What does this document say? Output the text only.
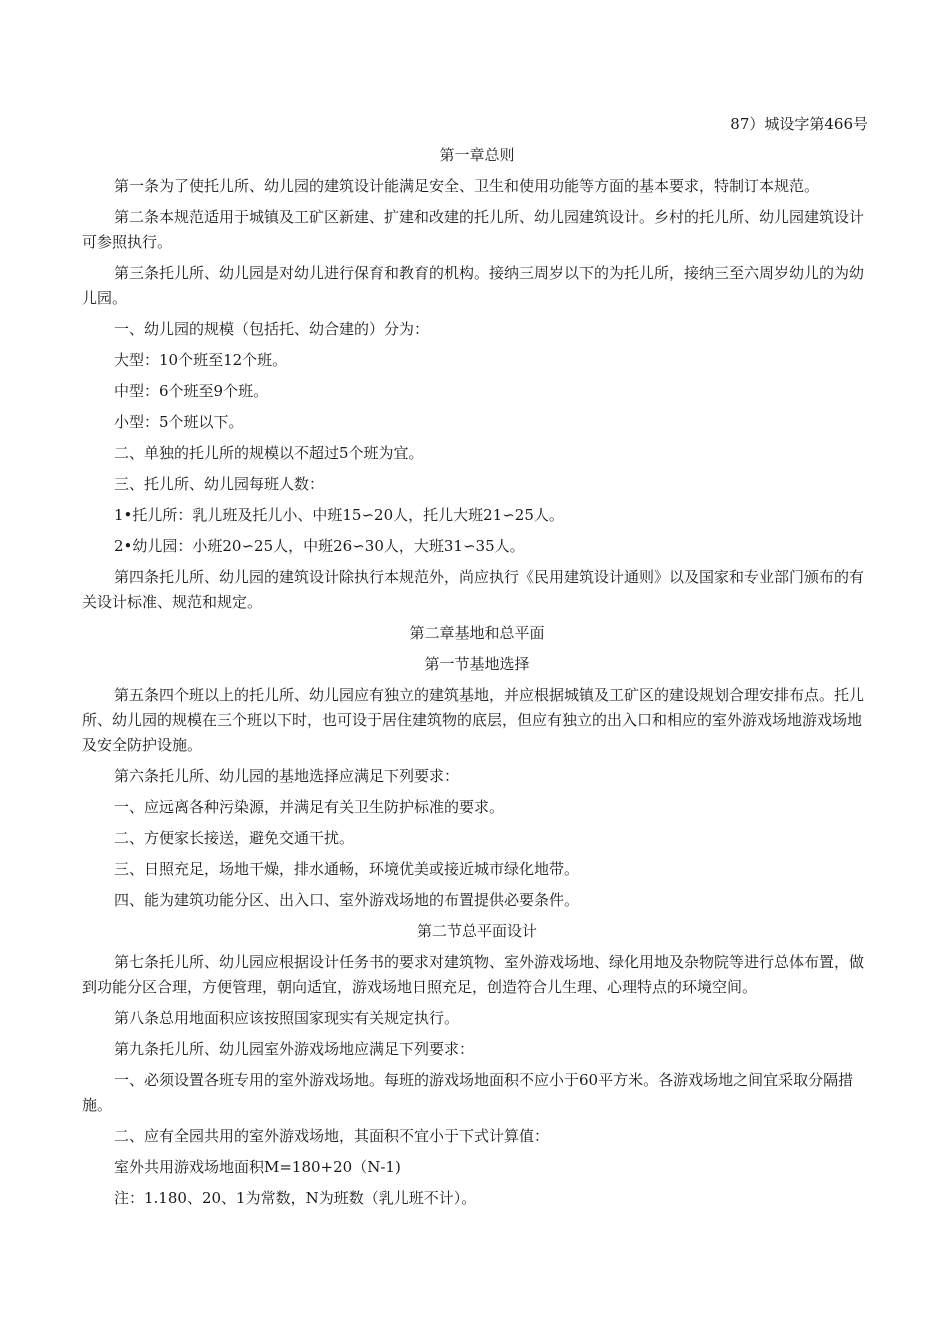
87）城设字第466号

第一章总则

第一条为了使托儿所、幼儿园的建筑设计能满足安全、卫生和使用功能等方面的基本要求，特制订本规范。

第二条本规范适用于城镇及工矿区新建、扩建和改建的托儿所、幼儿园建筑设计。乡村的托儿所、幼儿园建筑设计可参照执行。

第三条托儿所、幼儿园是对幼儿进行保育和教育的机构。接纳三周岁以下的为托儿所，接纳三至六周岁幼儿的为幼儿园。

一、幼儿园的规模（包括托、幼合建的）分为：

大型：10个班至12个班。

中型：6个班至9个班。

小型：5个班以下。

二、单独的托儿所的规模以不超过5个班为宜。

三、托儿所、幼儿园每班人数：

1•托儿所：乳儿班及托儿小、中班15∽20人，托儿大班21∽25人。

2•幼儿园：小班20∽25人，中班26∽30人，大班31∽35人。

第四条托儿所、幼儿园的建筑设计除执行本规范外，尚应执行《民用建筑设计通则》以及国家和专业部门颁布的有关设计标准、规范和规定。

第二章基地和总平面

第一节基地选择

第五条四个班以上的托儿所、幼儿园应有独立的建筑基地，并应根据城镇及工矿区的建设规划合理安排布点。托儿所、幼儿园的规模在三个班以下时，也可设于居住建筑物的底层，但应有独立的出入口和相应的室外游戏场地游戏场地及安全防护设施。

第六条托儿所、幼儿园的基地选择应满足下列要求：

一、应远离各种污染源，并满足有关卫生防护标准的要求。

二、方便家长接送，避免交通干扰。

三、日照充足，场地干燥，排水通畅，环境优美或接近城市绿化地带。

四、能为建筑功能分区、出入口、室外游戏场地的布置提供必要条件。

第二节总平面设计

第七条托儿所、幼儿园应根据设计任务书的要求对建筑物、室外游戏场地、绿化用地及杂物院等进行总体布置，做到功能分区合理，方便管理，朝向适宜，游戏场地日照充足，创造符合儿生理、心理特点的环境空间。

第八条总用地面积应该按照国家现实有关规定执行。

第九条托儿所、幼儿园室外游戏场地应满足下列要求：

一、必须设置各班专用的室外游戏场地。每班的游戏场地面积不应小于60平方米。各游戏场地之间宜采取分隔措施。

二、应有全园共用的室外游戏场地，其面积不宜小于下式计算值：

室外共用游戏场地面积M=180+20（N-1)

注：1.180、20、1为常数，N为班数（乳儿班不计）。
